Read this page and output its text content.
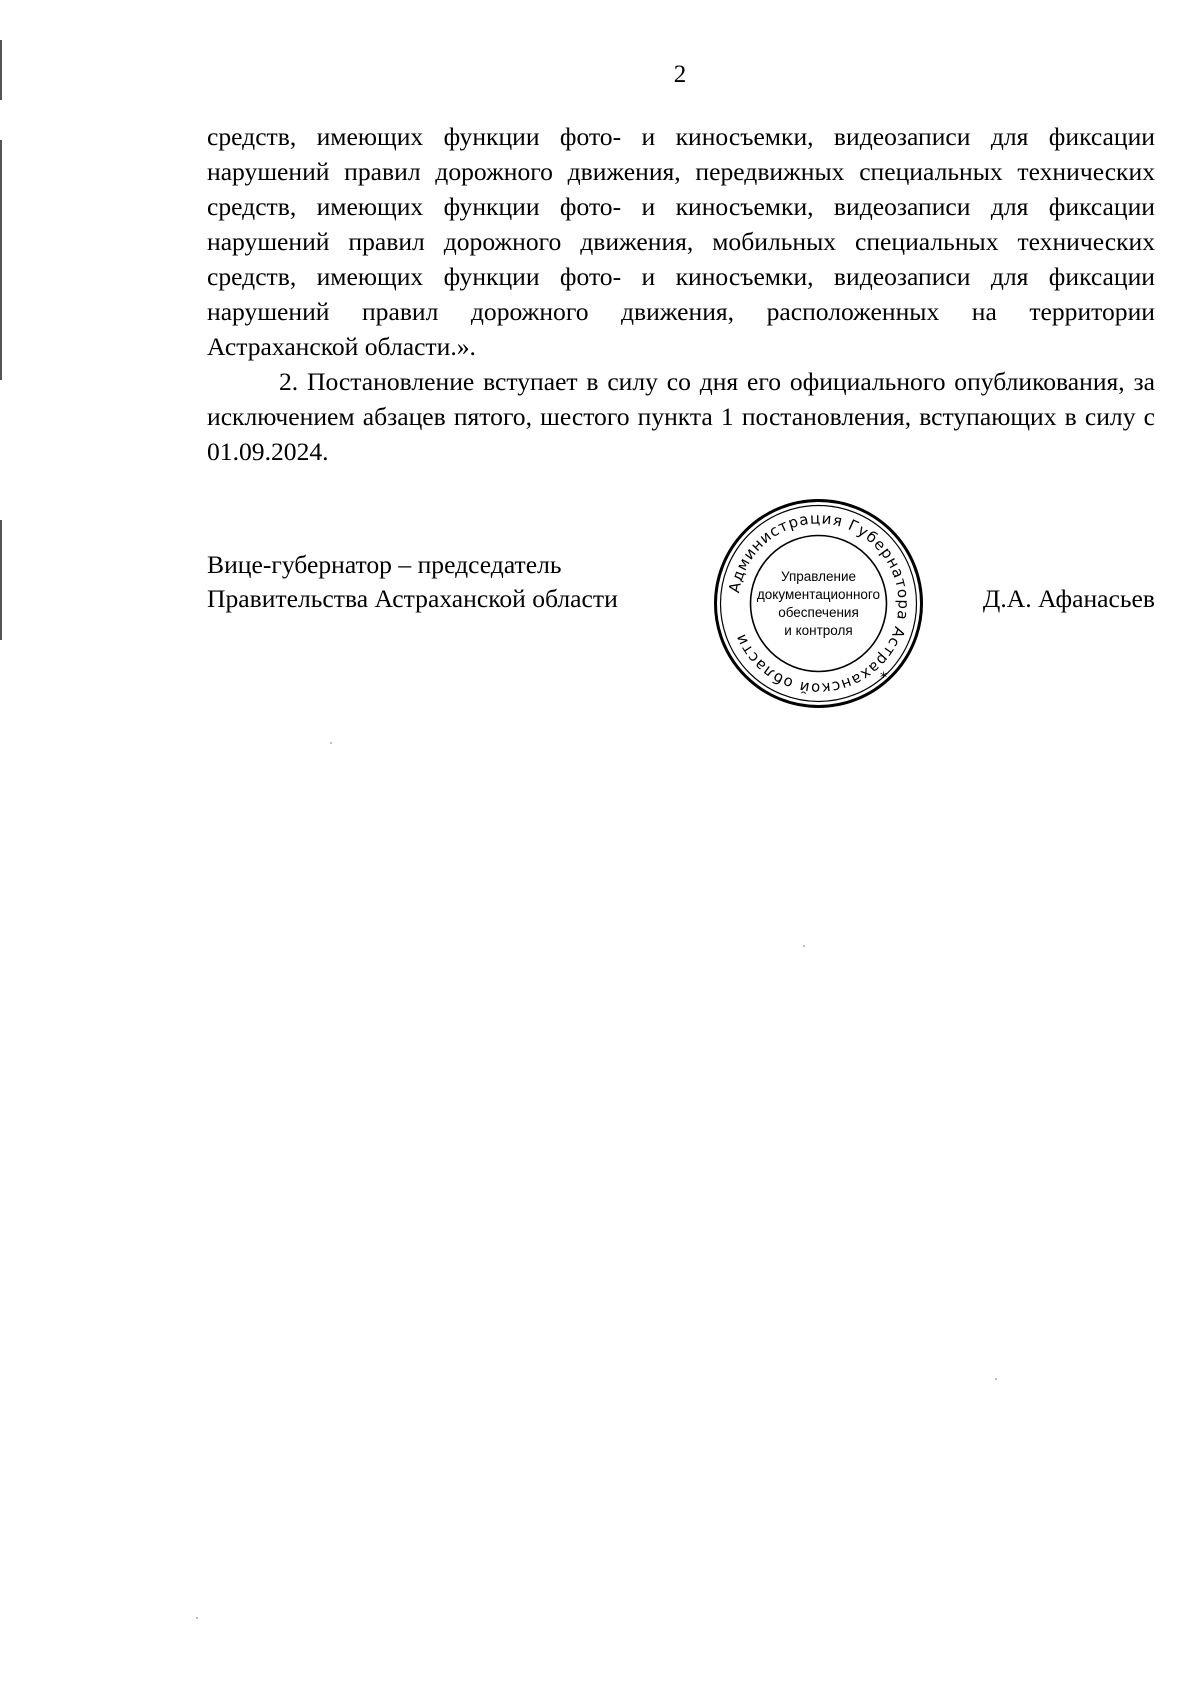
2

средств, имеющих функции фото- и киносъемки, видеозаписи для фиксации нарушений правил дорожного движения, передвижных специальных технических средств, имеющих функции фото- и киносъемки, видеозаписи для фиксации нарушений правил дорожного движения, мобильных специальных технических средств, имеющих функции фото- и киносъемки, видеозаписи для фиксации нарушений правил дорожного движения, расположенных на территории Астраханской области.».

2. Постановление вступает в силу со дня его официального опубликования, за исключением абзацев пятого, шестого пункта 1 постановления, вступающих в силу с 01.09.2024.

Вице-губернатор – председатель
Правительства Астраханской области	Д.А. Афанасьев
Администрация Губернатора Астраханской области
*
Управление
документационного
обеспечения
и контроля
